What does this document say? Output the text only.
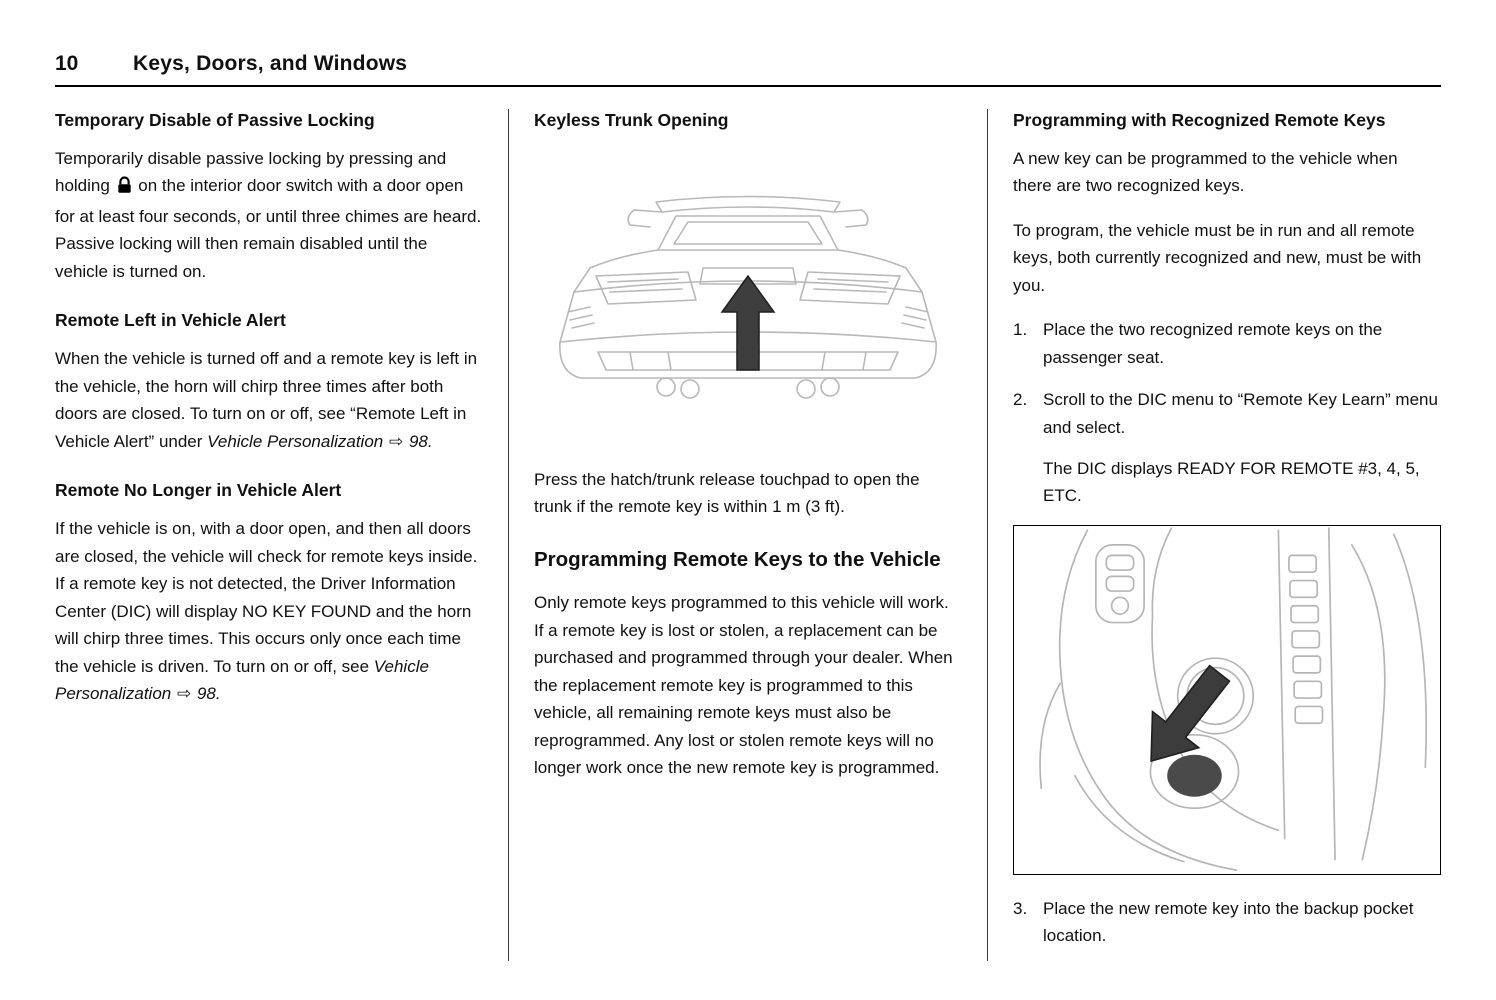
10	Keys, Doors, and Windows
Temporary Disable of Passive Locking

Temporarily disable passive locking by pressing and holding on the interior door switch with a door open for at least four seconds, or until three chimes are heard. Passive locking will then remain disabled until the vehicle is turned on.

Remote Left in Vehicle Alert

When the vehicle is turned off and a remote key is left in the vehicle, the horn will chirp three times after both doors are closed. To turn on or off, see “Remote Left in Vehicle Alert” under Vehicle Personalization ⇨ 98.

Remote No Longer in Vehicle Alert

If the vehicle is on, with a door open, and then all doors are closed, the vehicle will check for remote keys inside. If a remote key is not detected, the Driver Information Center (DIC) will display NO KEY FOUND and the horn will chirp three times. This occurs only once each time the vehicle is driven. To turn on or off, see Vehicle Personalization ⇨ 98.

Keyless Trunk Opening

Press the hatch/trunk release touchpad to open the trunk if the remote key is within 1 m (3 ft).

Programming Remote Keys to the Vehicle

Only remote keys programmed to this vehicle will work. If a remote key is lost or stolen, a replacement can be purchased and programmed through your dealer. When the replacement remote key is programmed to this vehicle, all remaining remote keys must also be reprogrammed. Any lost or stolen remote keys will no longer work once the new remote key is programmed.

Programming with Recognized Remote Keys

A new key can be programmed to the vehicle when there are two recognized keys.

To program, the vehicle must be in run and all remote keys, both currently recognized and new, must be with you.

1. Place the two recognized remote keys on the passenger seat.
2. Scroll to the DIC menu to “Remote Key Learn” menu and select.
The DIC displays READY FOR REMOTE #3, 4, 5, ETC.
3. Place the new remote key into the backup pocket location.
